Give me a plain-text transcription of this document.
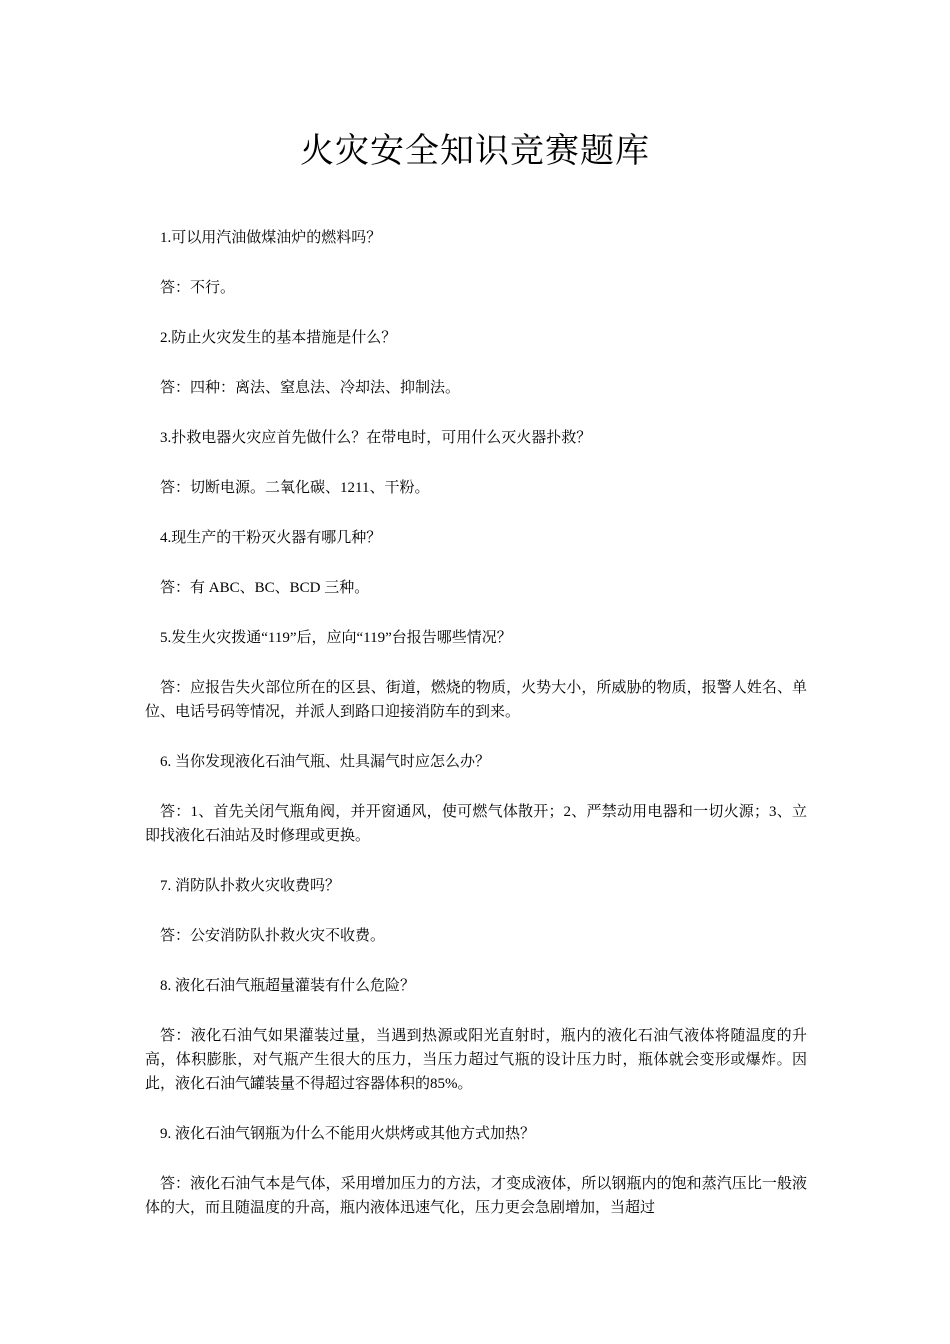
火灾安全知识竞赛题库

1.可以用汽油做煤油炉的燃料吗？

答：不行。

2.防止火灾发生的基本措施是什么？

答：四种：离法、窒息法、冷却法、抑制法。

3.扑救电器火灾应首先做什么？在带电时，可用什么灭火器扑救？

答：切断电源。二氧化碳、1211、干粉。

4.现生产的干粉灭火器有哪几种？

答：有 ABC、BC、BCD 三种。

5.发生火灾拨通“119”后，应向“119”台报告哪些情况？

答：应报告失火部位所在的区县、街道，燃烧的物质，火势大小，所威胁的物质，报警人姓名、单位、电话号码等情况，并派人到路口迎接消防车的到来。

6. 当你发现液化石油气瓶、灶具漏气时应怎么办？

答：1、首先关闭气瓶角阀，并开窗通风，使可燃气体散开；2、严禁动用电器和一切火源；3、立即找液化石油站及时修理或更换。

7. 消防队扑救火灾收费吗？

答：公安消防队扑救火灾不收费。

8. 液化石油气瓶超量灌装有什么危险？

答：液化石油气如果灌装过量，当遇到热源或阳光直射时，瓶内的液化石油气液体将随温度的升高，体积膨胀，对气瓶产生很大的压力，当压力超过气瓶的设计压力时，瓶体就会变形或爆炸。因此，液化石油气罐装量不得超过容器体积的85%。

9. 液化石油气钢瓶为什么不能用火烘烤或其他方式加热？

答：液化石油气本是气体，采用增加压力的方法，才变成液体，所以钢瓶内的饱和蒸汽压比一般液体的大，而且随温度的升高，瓶内液体迅速气化，压力更会急剧增加，当超过
